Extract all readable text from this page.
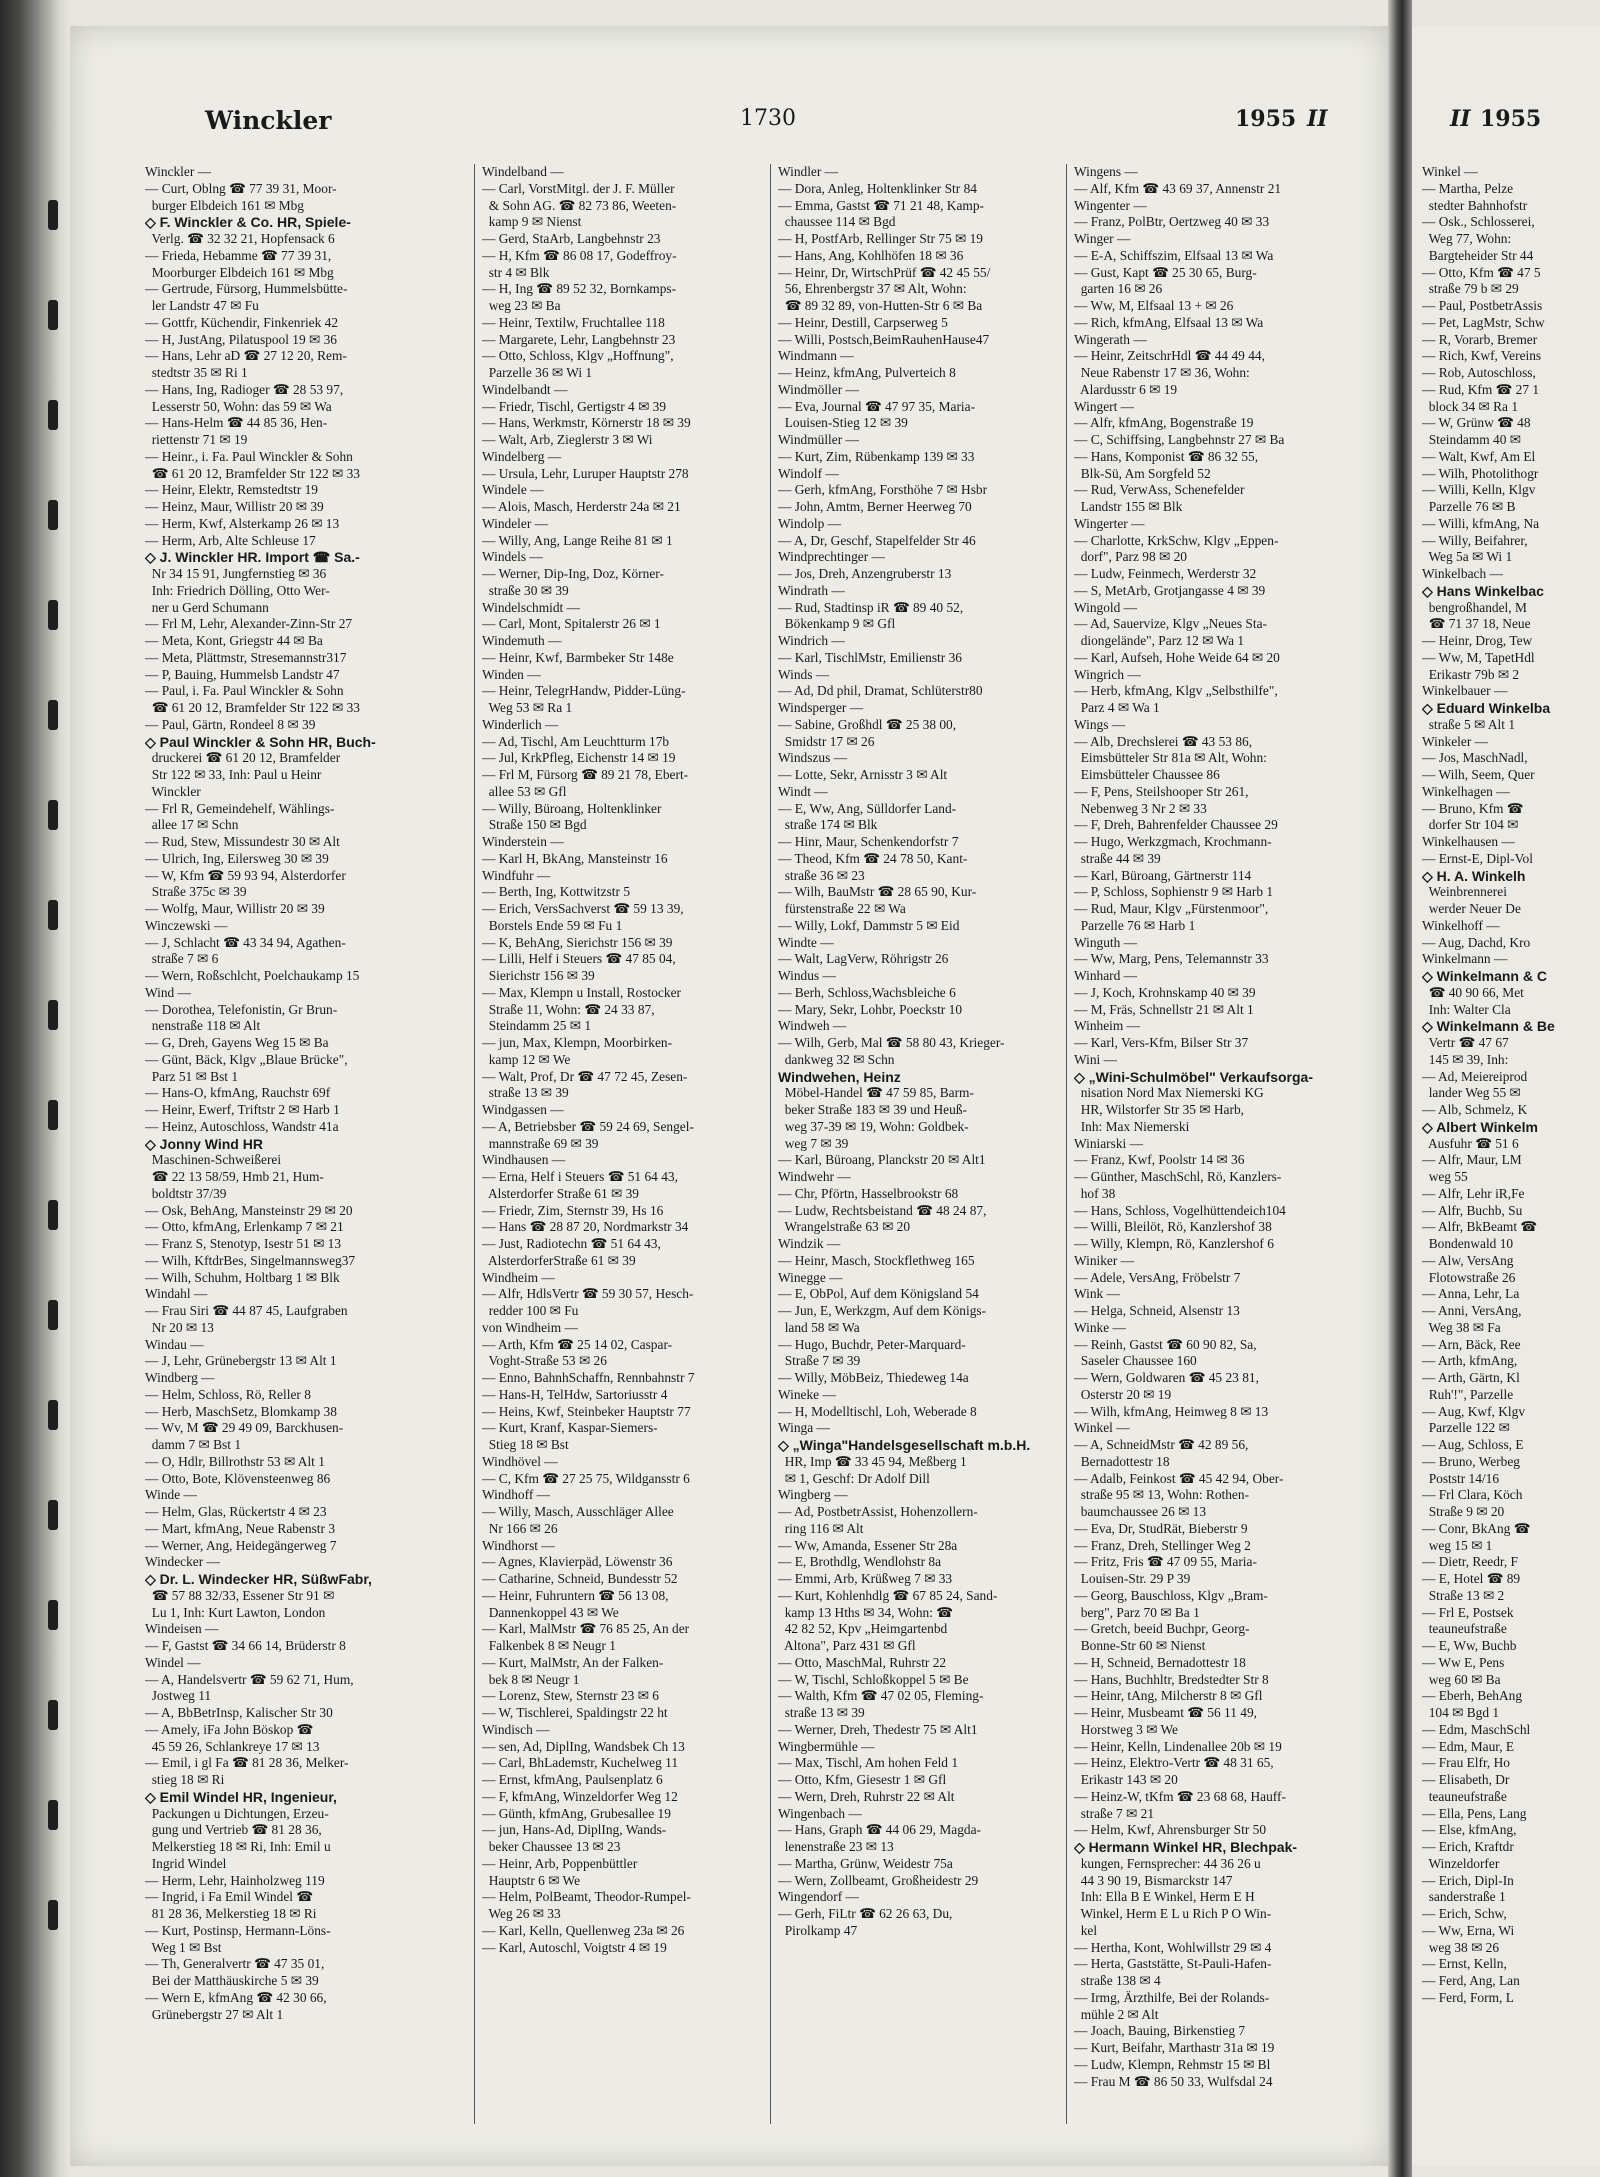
Winckler	1730	1955 II
Winckler —
— Curt, Oblng ☎ 77 39 31, Moor-
burger Elbdeich 161 ✉ Mbg
◇ F. Winckler & Co. HR, Spiele-
Verlg. ☎ 32 32 21, Hopfensack 6
— Frieda, Hebamme ☎ 77 39 31,
Moorburger Elbdeich 161 ✉ Mbg
— Gertrude, Fürsorg, Hummelsbütte-
ler Landstr 47 ✉ Fu
— Gottfr, Küchendir, Finkenriek 42
— H, JustAng, Pilatuspool 19 ✉ 36
— Hans, Lehr aD ☎ 27 12 20, Rem-
stedtstr 35 ✉ Ri 1
— Hans, Ing, Radioger ☎ 28 53 97,
Lesserstr 50, Wohn: das 59 ✉ Wa
— Hans-Helm ☎ 44 85 36, Hen-
riettenstr 71 ✉ 19
— Heinr., i. Fa. Paul Winckler & Sohn
☎ 61 20 12, Bramfelder Str 122 ✉ 33
— Heinr, Elektr, Remstedtstr 19
— Heinz, Maur, Willistr 20 ✉ 39
— Herm, Kwf, Alsterkamp 26 ✉ 13
— Herm, Arb, Alte Schleuse 17
◇ J. Winckler HR. Import ☎ Sa.-
Nr 34 15 91, Jungfernstieg ✉ 36
Inh: Friedrich Dölling, Otto Wer-
ner u Gerd Schumann
— Frl M, Lehr, Alexander-Zinn-Str 27
— Meta, Kont, Griegstr 44 ✉ Ba
— Meta, Plättmstr, Stresemannstr317
— P, Bauing, Hummelsb Landstr 47
— Paul, i. Fa. Paul Winckler & Sohn
☎ 61 20 12, Bramfelder Str 122 ✉ 33
— Paul, Gärtn, Rondeel 8 ✉ 39
◇ Paul Winckler & Sohn HR, Buch-
druckerei ☎ 61 20 12, Bramfelder
Str 122 ✉ 33, Inh: Paul u Heinr
Winckler
— Frl R, Gemeindehelf, Wählings-
allee 17 ✉ Schn
— Rud, Stew, Missundestr 30 ✉ Alt
— Ulrich, Ing, Eilersweg 30 ✉ 39
— W, Kfm ☎ 59 93 94, Alsterdorfer
Straße 375c ✉ 39
— Wolfg, Maur, Willistr 20 ✉ 39
Winczewski —
— J, Schlacht ☎ 43 34 94, Agathen-
straße 7 ✉ 6
— Wern, Roßschlcht, Poelchaukamp 15
Wind —
— Dorothea, Telefonistin, Gr Brun-
nenstraße 118 ✉ Alt
— G, Dreh, Gayens Weg 15 ✉ Ba
— Günt, Bäck, Klgv „Blaue Brücke",
Parz 51 ✉ Bst 1
— Hans-O, kfmAng, Rauchstr 69f
— Heinr, Ewerf, Triftstr 2 ✉ Harb 1
— Heinz, Autoschloss, Wandstr 41a
◇ Jonny Wind HR
Maschinen-Schweißerei
☎ 22 13 58/59, Hmb 21, Hum-
boldtstr 37/39
— Osk, BehAng, Mansteinstr 29 ✉ 20
— Otto, kfmAng, Erlenkamp 7 ✉ 21
— Franz S, Stenotyp, Isestr 51 ✉ 13
— Wilh, KftdrBes, Singelmannsweg37
— Wilh, Schuhm, Holtbarg 1 ✉ Blk
Windahl —
— Frau Siri ☎ 44 87 45, Laufgraben
Nr 20 ✉ 13
Windau —
— J, Lehr, Grünebergstr 13 ✉ Alt 1
Windberg —
— Helm, Schloss, Rö, Reller 8
— Herb, MaschSetz, Blomkamp 38
— Wv, M ☎ 29 49 09, Barckhusen-
damm 7 ✉ Bst 1
— O, Hdlr, Billrothstr 53 ✉ Alt 1
— Otto, Bote, Klövensteenweg 86
Winde —
— Helm, Glas, Rückertstr 4 ✉ 23
— Mart, kfmAng, Neue Rabenstr 3
— Werner, Ang, Heidegängerweg 7
Windecker —
◇ Dr. L. Windecker HR, SüßwFabr,
☎ 57 88 32/33, Essener Str 91 ✉
Lu 1, Inh: Kurt Lawton, London
Windeisen —
— F, Gastst ☎ 34 66 14, Brüderstr 8
Windel —
— A, Handelsvertr ☎ 59 62 71, Hum,
Jostweg 11
— A, BbBetrInsp, Kalischer Str 30
— Amely, iFa John Böskop ☎
45 59 26, Schlankreye 17 ✉ 13
— Emil, i gl Fa ☎ 81 28 36, Melker-
stieg 18 ✉ Ri
◇ Emil Windel HR, Ingenieur,
Packungen u Dichtungen, Erzeu-
gung und Vertrieb ☎ 81 28 36,
Melkerstieg 18 ✉ Ri, Inh: Emil u
Ingrid Windel
— Herm, Lehr, Hainholzweg 119
— Ingrid, i Fa Emil Windel ☎
81 28 36, Melkerstieg 18 ✉ Ri
— Kurt, Postinsp, Hermann-Löns-
Weg 1 ✉ Bst
— Th, Generalvertr ☎ 47 35 01,
Bei der Matthäuskirche 5 ✉ 39
— Wern E, kfmAng ☎ 42 30 66,
Grünebergstr 27 ✉ Alt 1
Windelband —
— Carl, VorstMitgl. der J. F. Müller
& Sohn AG. ☎ 82 73 86, Weeten-
kamp 9 ✉ Nienst
— Gerd, StaArb, Langbehnstr 23
— H, Kfm ☎ 86 08 17, Godeffroy-
str 4 ✉ Blk
— H, Ing ☎ 89 52 32, Bornkamps-
weg 23 ✉ Ba
— Heinr, Textilw, Fruchtallee 118
— Margarete, Lehr, Langbehnstr 23
— Otto, Schloss, Klgv „Hoffnung",
Parzelle 36 ✉ Wi 1
Windelbandt —
— Friedr, Tischl, Gertigstr 4 ✉ 39
— Hans, Werkmstr, Körnerstr 18 ✉ 39
— Walt, Arb, Zieglerstr 3 ✉ Wi
Windelberg —
— Ursula, Lehr, Luruper Hauptstr 278
Windele —
— Alois, Masch, Herderstr 24a ✉ 21
Windeler —
— Willy, Ang, Lange Reihe 81 ✉ 1
Windels —
— Werner, Dip-Ing, Doz, Körner-
straße 30 ✉ 39
Windelschmidt —
— Carl, Mont, Spitalerstr 26 ✉ 1
Windemuth —
— Heinr, Kwf, Barmbeker Str 148e
Winden —
— Heinr, TelegrHandw, Pidder-Lüng-
Weg 53 ✉ Ra 1
Winderlich —
— Ad, Tischl, Am Leuchtturm 17b
— Jul, KrkPfleg, Eichenstr 14 ✉ 19
— Frl M, Fürsorg ☎ 89 21 78, Ebert-
allee 53 ✉ Gfl
— Willy, Büroang, Holtenklinker
Straße 150 ✉ Bgd
Winderstein —
— Karl H, BkAng, Mansteinstr 16
Windfuhr —
— Berth, Ing, Kottwitzstr 5
— Erich, VersSachverst ☎ 59 13 39,
Borstels Ende 59 ✉ Fu 1
— K, BehAng, Sierichstr 156 ✉ 39
— Lilli, Helf i Steuers ☎ 47 85 04,
Sierichstr 156 ✉ 39
— Max, Klempn u Install, Rostocker
Straße 11, Wohn: ☎ 24 33 87,
Steindamm 25 ✉ 1
— jun, Max, Klempn, Moorbirken-
kamp 12 ✉ We
— Walt, Prof, Dr ☎ 47 72 45, Zesen-
straße 13 ✉ 39
Windgassen —
— A, Betriebsber ☎ 59 24 69, Sengel-
mannstraße 69 ✉ 39
Windhausen —
— Erna, Helf i Steuers ☎ 51 64 43,
Alsterdorfer Straße 61 ✉ 39
— Friedr, Zim, Sternstr 39, Hs 16
— Hans ☎ 28 87 20, Nordmarkstr 34
— Just, Radiotechn ☎ 51 64 43,
AlsterdorferStraße 61 ✉ 39
Windheim —
— Alfr, HdlsVertr ☎ 59 30 57, Hesch-
redder 100 ✉ Fu
von Windheim —
— Arth, Kfm ☎ 25 14 02, Caspar-
Voght-Straße 53 ✉ 26
— Enno, BahnhSchaffn, Rennbahnstr 7
— Hans-H, TelHdw, Sartoriusstr 4
— Heins, Kwf, Steinbeker Hauptstr 77
— Kurt, Kranf, Kaspar-Siemers-
Stieg 18 ✉ Bst
Windhövel —
— C, Kfm ☎ 27 25 75, Wildgansstr 6
Windhoff —
— Willy, Masch, Ausschläger Allee
Nr 166 ✉ 26
Windhorst —
— Agnes, Klavierpäd, Löwenstr 36
— Catharine, Schneid, Bundesstr 52
— Heinr, Fuhruntern ☎ 56 13 08,
Dannenkoppel 43 ✉ We
— Karl, MalMstr ☎ 76 85 25, An der
Falkenbek 8 ✉ Neugr 1
— Kurt, MalMstr, An der Falken-
bek 8 ✉ Neugr 1
— Lorenz, Stew, Sternstr 23 ✉ 6
— W, Tischlerei, Spaldingstr 22 ht
Windisch —
— sen, Ad, DiplIng, Wandsbek Ch 13
— Carl, BhLademstr, Kuchelweg 11
— Ernst, kfmAng, Paulsenplatz 6
— F, kfmAng, Winzeldorfer Weg 12
— Günth, kfmAng, Grubesallee 19
— jun, Hans-Ad, DiplIng, Wands-
beker Chaussee 13 ✉ 23
— Heinr, Arb, Poppenbüttler
Hauptstr 6 ✉ We
— Helm, PolBeamt, Theodor-Rumpel-
Weg 26 ✉ 33
— Karl, Kelln, Quellenweg 23a ✉ 26
— Karl, Autoschl, Voigtstr 4 ✉ 19
Windler —
— Dora, Anleg, Holtenklinker Str 84
— Emma, Gastst ☎ 71 21 48, Kamp-
chaussee 114 ✉ Bgd
— H, PostfArb, Rellinger Str 75 ✉ 19
— Hans, Ang, Kohlhöfen 18 ✉ 36
— Heinr, Dr, WirtschPrüf ☎ 42 45 55/
56, Ehrenbergstr 37 ✉ Alt, Wohn:
☎ 89 32 89, von-Hutten-Str 6 ✉ Ba
— Heinr, Destill, Carpserweg 5
— Willi, Postsch,BeimRauhenHause47
Windmann —
— Heinz, kfmAng, Pulverteich 8
Windmöller —
— Eva, Journal ☎ 47 97 35, Maria-
Louisen-Stieg 12 ✉ 39
Windmüller —
— Kurt, Zim, Rübenkamp 139 ✉ 33
Windolf —
— Gerh, kfmAng, Forsthöhe 7 ✉ Hsbr
— John, Amtm, Berner Heerweg 70
Windolp —
— A, Dr, Geschf, Stapelfelder Str 46
Windprechtinger —
— Jos, Dreh, Anzengruberstr 13
Windrath —
— Rud, Stadtinsp iR ☎ 89 40 52,
Bökenkamp 9 ✉ Gfl
Windrich —
— Karl, TischlMstr, Emilienstr 36
Winds —
— Ad, Dd phil, Dramat, Schlüterstr80
Windsperger —
— Sabine, Großhdl ☎ 25 38 00,
Smidstr 17 ✉ 26
Windszus —
— Lotte, Sekr, Arnisstr 3 ✉ Alt
Windt —
— E, Ww, Ang, Sülldorfer Land-
straße 174 ✉ Blk
— Hinr, Maur, Schenkendorfstr 7
— Theod, Kfm ☎ 24 78 50, Kant-
straße 36 ✉ 23
— Wilh, BauMstr ☎ 28 65 90, Kur-
fürstenstraße 22 ✉ Wa
— Willy, Lokf, Dammstr 5 ✉ Eid
Windte —
— Walt, LagVerw, Röhrigstr 26
Windus —
— Berh, Schloss,Wachsbleiche 6
— Mary, Sekr, Lohbr, Poeckstr 10
Windweh —
— Wilh, Gerb, Mal ☎ 58 80 43, Krieger-
dankweg 32 ✉ Schn
Windwehen, Heinz
Möbel-Handel ☎ 47 59 85, Barm-
beker Straße 183 ✉ 39 und Heuß-
weg 37-39 ✉ 19, Wohn: Goldbek-
weg 7 ✉ 39
— Karl, Büroang, Planckstr 20 ✉ Alt1
Windwehr —
— Chr, Pförtn, Hasselbrookstr 68
— Ludw, Rechtsbeistand ☎ 48 24 87,
Wrangelstraße 63 ✉ 20
Windzik —
— Heinr, Masch, Stockflethweg 165
Winegge —
— E, ObPol, Auf dem Königsland 54
— Jun, E, Werkzgm, Auf dem Königs-
land 58 ✉ Wa
— Hugo, Buchdr, Peter-Marquard-
Straße 7 ✉ 39
— Willy, MöbBeiz, Thiedeweg 14a
Wineke —
— H, Modelltischl, Loh, Weberade 8
Winga —
◇ „Winga"Handelsgesellschaft m.b.H.
HR, Imp ☎ 33 45 94, Meßberg 1
✉ 1, Geschf: Dr Adolf Dill
Wingberg —
— Ad, PostbetrAssist, Hohenzollern-
ring 116 ✉ Alt
— Ww, Amanda, Essener Str 28a
— E, Brothdlg, Wendlohstr 8a
— Emmi, Arb, Krüßweg 7 ✉ 33
— Kurt, Kohlenhdlg ☎ 67 85 24, Sand-
kamp 13 Hths ✉ 34, Wohn: ☎
42 82 52, Kpv „Heimgartenbd
Altona", Parz 431 ✉ Gfl
— Otto, MaschMal, Ruhrstr 22
— W, Tischl, Schloßkoppel 5 ✉ Be
— Walth, Kfm ☎ 47 02 05, Fleming-
straße 13 ✉ 39
— Werner, Dreh, Thedestr 75 ✉ Alt1
Wingbermühle —
— Max, Tischl, Am hohen Feld 1
— Otto, Kfm, Giesestr 1 ✉ Gfl
— Wern, Dreh, Ruhrstr 22 ✉ Alt
Wingenbach —
— Hans, Graph ☎ 44 06 29, Magda-
lenenstraße 23 ✉ 13
— Martha, Grünw, Weidestr 75a
— Wern, Zollbeamt, Großheidestr 29
Wingendorf —
— Gerh, FiLtr ☎ 62 26 63, Du,
Pirolkamp 47
Wingens —
— Alf, Kfm ☎ 43 69 37, Annenstr 21
Wingenter —
— Franz, PolBtr, Oertzweg 40 ✉ 33
Winger —
— E-A, Schiffszim, Elfsaal 13 ✉ Wa
— Gust, Kapt ☎ 25 30 65, Burg-
garten 16 ✉ 26
— Ww, M, Elfsaal 13 + ✉ 26
— Rich, kfmAng, Elfsaal 13 ✉ Wa
Wingerath —
— Heinr, ZeitschrHdl ☎ 44 49 44,
Neue Rabenstr 17 ✉ 36, Wohn:
Alardusstr 6 ✉ 19
Wingert —
— Alfr, kfmAng, Bogenstraße 19
— C, Schiffsing, Langbehnstr 27 ✉ Ba
— Hans, Komponist ☎ 86 32 55,
Blk-Sü, Am Sorgfeld 52
— Rud, VerwAss, Schenefelder
Landstr 155 ✉ Blk
Wingerter —
— Charlotte, KrkSchw, Klgv „Eppen-
dorf", Parz 98 ✉ 20
— Ludw, Feinmech, Werderstr 32
— S, MetArb, Grotjangasse 4 ✉ 39
Wingold —
— Ad, Sauervize, Klgv „Neues Sta-
diongelände", Parz 12 ✉ Wa 1
— Karl, Aufseh, Hohe Weide 64 ✉ 20
Wingrich —
— Herb, kfmAng, Klgv „Selbsthilfe",
Parz 4 ✉ Wa 1
Wings —
— Alb, Drechslerei ☎ 43 53 86,
Eimsbütteler Str 81a ✉ Alt, Wohn:
Eimsbütteler Chaussee 86
— F, Pens, Steilshooper Str 261,
Nebenweg 3 Nr 2 ✉ 33
— F, Dreh, Bahrenfelder Chaussee 29
— Hugo, Werkzgmach, Krochmann-
straße 44 ✉ 39
— Karl, Büroang, Gärtnerstr 114
— P, Schloss, Sophienstr 9 ✉ Harb 1
— Rud, Maur, Klgv „Fürstenmoor",
Parzelle 76 ✉ Harb 1
Winguth —
— Ww, Marg, Pens, Telemannstr 33
Winhard —
— J, Koch, Krohnskamp 40 ✉ 39
— M, Fräs, Schnellstr 21 ✉ Alt 1
Winheim —
— Karl, Vers-Kfm, Bilser Str 37
Wini —
◇ „Wini-Schulmöbel" Verkaufsorga-
nisation Nord Max Niemerski KG
HR, Wilstorfer Str 35 ✉ Harb,
Inh: Max Niemerski
Winiarski —
— Franz, Kwf, Poolstr 14 ✉ 36
— Günther, MaschSchl, Rö, Kanzlers-
hof 38
— Hans, Schloss, Vogelhüttendeich104
— Willi, Bleilöt, Rö, Kanzlershof 38
— Willy, Klempn, Rö, Kanzlershof 6
Winiker —
— Adele, VersAng, Fröbelstr 7
Wink —
— Helga, Schneid, Alsenstr 13
Winke —
— Reinh, Gastst ☎ 60 90 82, Sa,
Saseler Chaussee 160
— Wern, Goldwaren ☎ 45 23 81,
Osterstr 20 ✉ 19
— Wilh, kfmAng, Heimweg 8 ✉ 13
Winkel —
— A, SchneidMstr ☎ 42 89 56,
Bernadottestr 18
— Adalb, Feinkost ☎ 45 42 94, Ober-
straße 95 ✉ 13, Wohn: Rothen-
baumchaussee 26 ✉ 13
— Eva, Dr, StudRät, Bieberstr 9
— Franz, Dreh, Stellinger Weg 2
— Fritz, Fris ☎ 47 09 55, Maria-
Louisen-Str. 29 P 39
— Georg, Bauschloss, Klgv „Bram-
berg", Parz 70 ✉ Ba 1
— Gretch, beeid Buchpr, Georg-
Bonne-Str 60 ✉ Nienst
— H, Schneid, Bernadottestr 18
— Hans, Buchhltr, Bredstedter Str 8
— Heinr, tAng, Milcherstr 8 ✉ Gfl
— Heinr, Musbeamt ☎ 56 11 49,
Horstweg 3 ✉ We
— Heinr, Kelln, Lindenallee 20b ✉ 19
— Heinz, Elektro-Vertr ☎ 48 31 65,
Erikastr 143 ✉ 20
— Heinz-W, tKfm ☎ 23 68 68, Hauff-
straße 7 ✉ 21
— Helm, Kwf, Ahrensburger Str 50
◇ Hermann Winkel HR, Blechpak-
kungen, Fernsprecher: 44 36 26 u
44 3 90 19, Bismarckstr 147
Inh: Ella B E Winkel, Herm E H
Winkel, Herm E L u Rich P O Win-
kel
— Hertha, Kont, Wohlwillstr 29 ✉ 4
— Herta, Gaststätte, St-Pauli-Hafen-
straße 138 ✉ 4
— Irmg, Ärzthilfe, Bei der Rolands-
mühle 2 ✉ Alt
— Joach, Bauing, Birkenstieg 7
— Kurt, Beifahr, Marthastr 31a ✉ 19
— Ludw, Klempn, Rehmstr 15 ✉ Bl
— Frau M ☎ 86 50 33, Wulfsdal 24
II 1955
Winkel —
— Martha, Pelze
stedter Bahnhofstr
— Osk., Schlosserei,
Weg 77, Wohn:
Bargteheider Str 44
— Otto, Kfm ☎ 47 5
straße 79 b ✉ 29
— Paul, PostbetrAssis
— Pet, LagMstr, Schw
— R, Vorarb, Bremer
— Rich, Kwf, Vereins
— Rob, Autoschloss,
— Rud, Kfm ☎ 27 1
block 34 ✉ Ra 1
— W, Grünw ☎ 48
Steindamm 40 ✉
— Walt, Kwf, Am El
— Wilh, Photolithogr
— Willi, Kelln, Klgv
Parzelle 76 ✉ B
— Willi, kfmAng, Na
— Willy, Beifahrer,
Weg 5a ✉ Wi 1
Winkelbach —
◇ Hans Winkelbac
bengroßhandel, M
☎ 71 37 18, Neue
— Heinr, Drog, Tew
— Ww, M, TapetHdl
Erikastr 79b ✉ 2
Winkelbauer —
◇ Eduard Winkelba
straße 5 ✉ Alt 1
Winkeler —
— Jos, MaschNadl,
— Wilh, Seem, Quer
Winkelhagen —
— Bruno, Kfm ☎
dorfer Str 104 ✉
Winkelhausen —
— Ernst-E, Dipl-Vol
◇ H. A. Winkelh
Weinbrennerei
werder Neuer De
Winkelhoff —
— Aug, Dachd, Kro
Winkelmann —
◇ Winkelmann & C
☎ 40 90 66, Met
Inh: Walter Cla
◇ Winkelmann & Be
Vertr ☎ 47 67
145 ✉ 39, Inh:
— Ad, Meiereiprod
lander Weg 55 ✉
— Alb, Schmelz, K
◇ Albert Winkelm
Ausfuhr ☎ 51 6
— Alfr, Maur, LM
weg 55
— Alfr, Lehr iR,Fe
— Alfr, Buchb, Su
— Alfr, BkBeamt ☎
Bondenwald 10
— Alw, VersAng
Flotowstraße 26
— Anna, Lehr, La
— Anni, VersAng,
Weg 38 ✉ Fa
— Arn, Bäck, Ree
— Arth, kfmAng,
— Arth, Gärtn, Kl
Ruh'!", Parzelle
— Aug, Kwf, Klgv
Parzelle 122 ✉
— Aug, Schloss, E
— Bruno, Werbeg
Poststr 14/16
— Frl Clara, Köch
Straße 9 ✉ 20
— Conr, BkAng ☎
weg 15 ✉ 1
— Dietr, Reedr, F
— E, Hotel ☎ 89
Straße 13 ✉ 2
— Frl E, Postsek
teauneufstraße
— E, Ww, Buchb
— Ww E, Pens
weg 60 ✉ Ba
— Eberh, BehAng
104 ✉ Bgd 1
— Edm, MaschSchl
— Edm, Maur, E
— Frau Elfr, Ho
— Elisabeth, Dr
teauneufstraße
— Ella, Pens, Lang
— Else, kfmAng,
— Erich, Kraftdr
Winzeldorfer
— Erich, Dipl-In
sanderstraße 1
— Erich, Schw,
— Ww, Erna, Wi
weg 38 ✉ 26
— Ernst, Kelln,
— Ferd, Ang, Lan
— Ferd, Form, L
